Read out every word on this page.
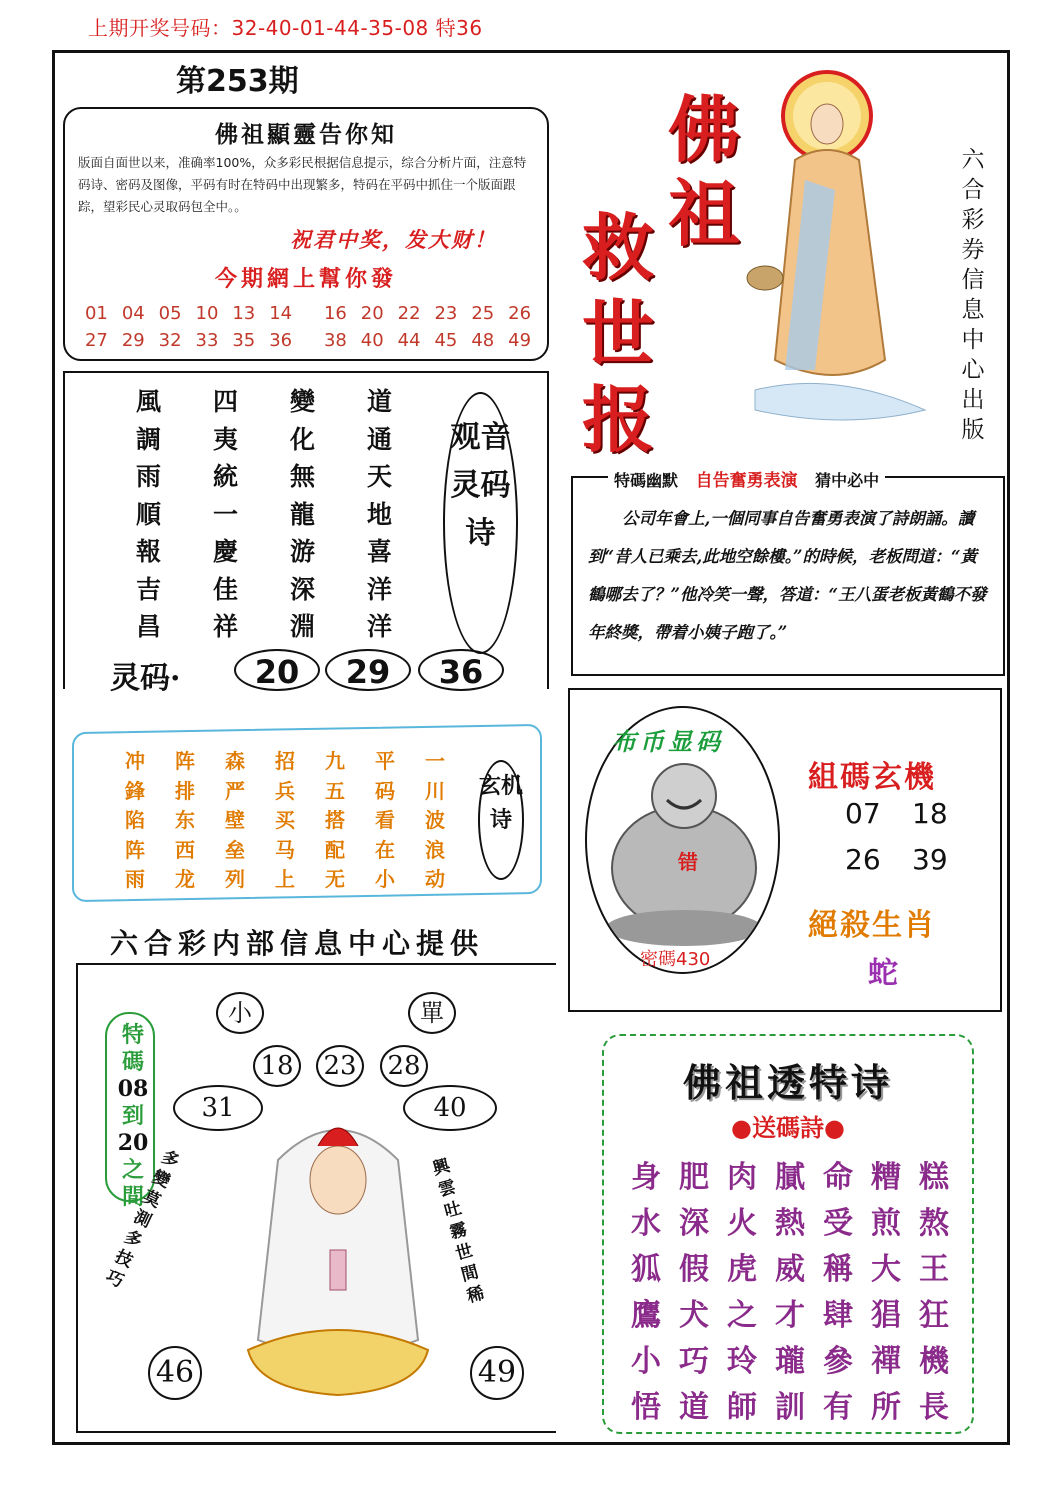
上期开奖号码：32-40-01-44-35-08 特36
第253期
佛祖顯靈告你知
版面自面世以来，准确率100%，众多彩民根据信息提示，综合分析片面，注意特码诗、密码及图像，平码有时在特码中出现繁多，特码在平码中抓住一个版面跟踪，望彩民心灵取码包全中。。
祝君中奖，发大财！
今期網上幫你發
01 04 05 10 13 14	16 20 22 23 25 26
27 29 32 33 35 36	38 40 44 45 48 49
佛
祖
救
世
报
六合彩券信息中心出版
風	四	變	道
調	夷	化	通
雨	統	無	天
順	一	龍	地
報	慶	游	喜
吉	佳	深	洋
昌	祥	淵	洋
观音灵码诗
灵码·	20	29	36
冲	阵	森	招	九	平	一
鋒	排	严	兵	五	码	川
陷	东	壁	买	搭	看	波
阵	西	垒	马	配	在	浪
雨	龙	列	上	无	小	动
玄机诗
六合彩内部信息中心提供
特碼幽默 自告奮勇表演 猜中必中
公司年會上,一個同事自告奮勇表演了詩朗誦。讀到“昔人已乘去,此地空餘樓。”的時候，老板問道：“黃鶴哪去了？”他冷笑一聲，答道：“王八蛋老板黃鶴不發年終獎，帶着小姨子跑了。”
布币显码
错
密碼430
組碼玄機
07 18
26 39
絕殺生肖
蛇
小	單
18 23 28
31	40
46	49
特
碼
08
到
20
之
間
多變莫測多技巧
興雲吐霧世間稀
佛祖透特诗
●送碼詩●
身 肥 肉 膩 命 糟 糕
水 深 火 熱 受 煎 熬
狐 假 虎 威 稱 大 王
鷹 犬 之 才 肆 猖 狂
小 巧 玲 瓏 參 禪 機
悟 道 師 訓 有 所 長
